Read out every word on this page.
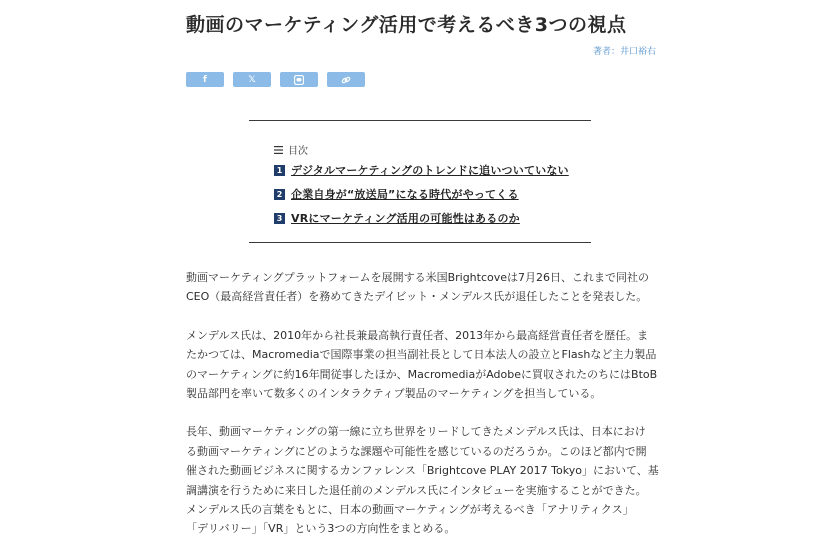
動画のマーケティング活用で考えるべき3つの視点
著者：井口裕右
f	𝕏
目次
1 デジタルマーケティングのトレンドに追いついていない
2 企業自身が“放送局”になる時代がやってくる
3 VRにマーケティング活用の可能性はあるのか

動画マーケティングプラットフォームを展開する米国Brightcoveは7月26日、これまで同社の
CEO（最高経営責任者）を務めてきたデイビット・メンデルス氏が退任したことを発表した。

メンデルス氏は、2010年から社長兼最高執行責任者、2013年から最高経営責任者を歴任。ま
たかつては、Macromediaで国際事業の担当副社長として日本法人の設立とFlashなど主力製品
のマーケティングに約16年間従事したほか、MacromediaがAdobeに買収されたのちにはBtoB
製品部門を率いて数多くのインタラクティブ製品のマーケティングを担当している。

長年、動画マーケティングの第一線に立ち世界をリードしてきたメンデルス氏は、日本におけ
る動画マーケティングにどのような課題や可能性を感じているのだろうか。このほど都内で開
催された動画ビジネスに関するカンファレンス「Brightcove PLAY 2017 Tokyo」において、基
調講演を行うために来日した退任前のメンデルス氏にインタビューを実施することができた。
メンデルス氏の言葉をもとに、日本の動画マーケティングが考えるべき「アナリティクス」
「デリバリー」「VR」という3つの方向性をまとめる。
